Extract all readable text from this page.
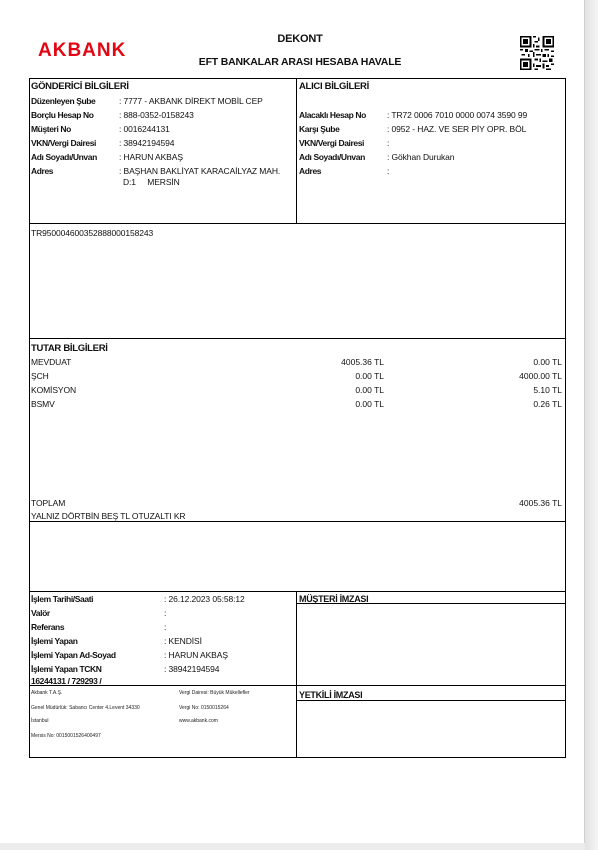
AKBANK
DEKONT
EFT BANKALAR ARASI HESABA HAVALE
GÖNDERİCİ BİLGİLERİ
Düzenleyen Şube	: 7777 - AKBANK DİREKT MOBİL CEP
Borçlu Hesap No	: 888-0352-0158243
Müşteri No	: 0016244131
VKN/Vergi Dairesi	: 38942194594
Adı Soyadı/Unvan	: HARUN AKBAŞ
Adres	: BAŞHAN BAKLİYAT KARACAİLYAZ MAH.
D:1     MERSİN
ALICI BİLGİLERİ
Alacaklı Hesap No : TR72 0006 7010 0000 0074 3590 99
Karşı Şube	: 0952 - HAZ. VE SER PİY OPR. BÖL
VKN/Vergi Dairesi	:
Adı Soyadı/Unvan	: Gökhan Durukan
Adres	:
TR950004600352888000158243
TUTAR BİLGİLERİ
MEVDUAT	4005.36 TL	0.00 TL
ŞCH	0.00 TL	4000.00 TL
KOMİSYON	0.00 TL	5.10 TL
BSMV	0.00 TL	0.26 TL
TOPLAM	4005.36 TL
YALNIZ DÖRTBİN BEŞ TL OTUZALTI KR
İşlem Tarihi/Saati	: 26.12.2023 05:58:12
Valör	:
Referans	:
İşlemi Yapan	: KENDİSİ
İşlemi Yapan Ad-Soyad	: HARUN AKBAŞ
İşlemi Yapan TCKN	: 38942194594
16244131 / 729293 /
MÜŞTERİ İMZASI
YETKİLİ İMZASI
Akbank T.A.Ş.
Genel Müdürlük: Sabancı Center 4.Levent 34330
İstanbul
Mersis No: 0015001526400497
Vergi Dairesi: Büyük Mükellefler
Vergi No: 0150015264
www.akbank.com
